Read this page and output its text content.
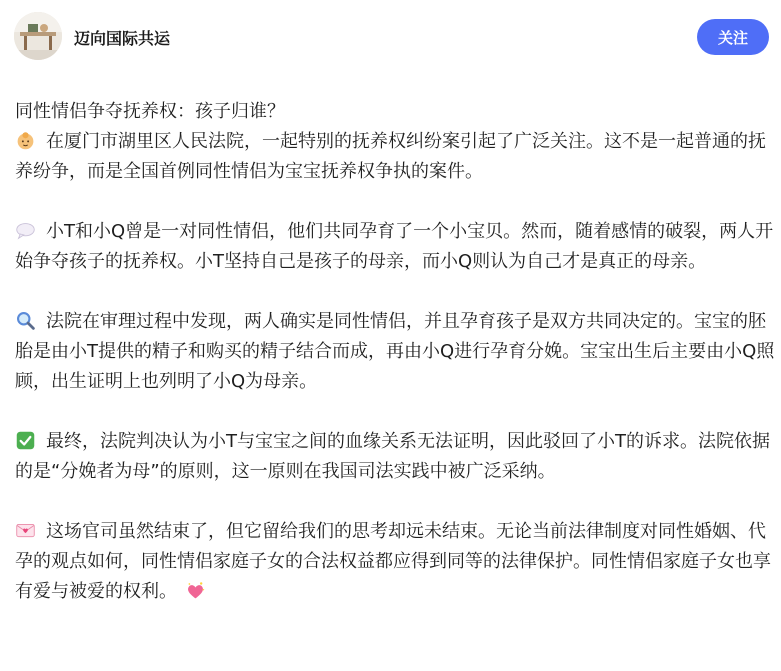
迈向国际共运	关注

同性情侣争夺抚养权：孩子归谁？

在厦门市湖里区人民法院，一起特别的抚养权纠纷案引起了广泛关注。这不是一起普通的抚养纷争，而是全国首例同性情侣为宝宝抚养权争执的案件。

小T和小Q曾是一对同性情侣，他们共同孕育了一个小宝贝。然而，随着感情的破裂，两人开始争夺孩子的抚养权。小T坚持自己是孩子的母亲，而小Q则认为自己才是真正的母亲。

法院在审理过程中发现，两人确实是同性情侣，并且孕育孩子是双方共同决定的。宝宝的胚胎是由小T提供的精子和购买的精子结合而成，再由小Q进行孕育分娩。宝宝出生后主要由小Q照顾，出生证明上也列明了小Q为母亲。

最终，法院判决认为小T与宝宝之间的血缘关系无法证明，因此驳回了小T的诉求。法院依据的是“分娩者为母”的原则，这一原则在我国司法实践中被广泛采纳。

这场官司虽然结束了，但它留给我们的思考却远未结束。无论当前法律制度对同性婚姻、代孕的观点如何，同性情侣家庭子女的合法权益都应得到同等的法律保护。同性情侣家庭子女也享有爱与被爱的权利。
